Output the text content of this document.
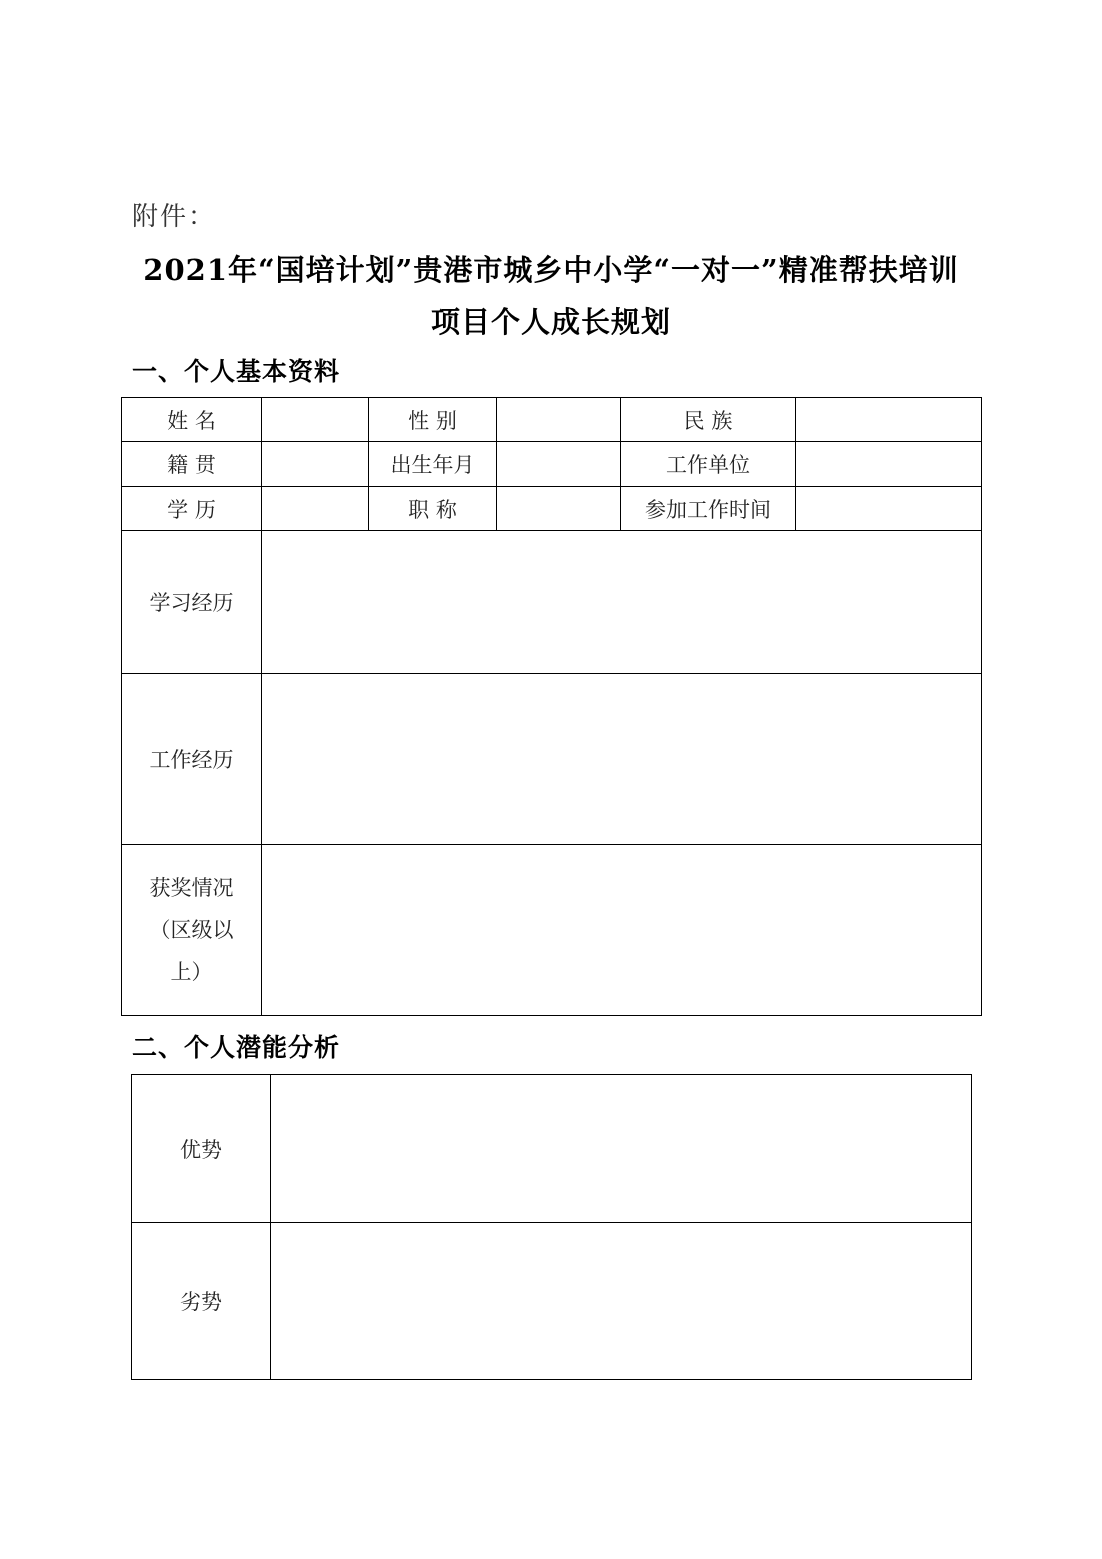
附件：
2021年“国培计划”贵港市城乡中小学“一对一”精准帮扶培训
项目个人成长规划
一、个人基本资料
姓 名		性 别		民 族	
籍 贯		出生年月		工作单位	
学 历		职 称		参加工作时间	
学习经历					
工作经历					
获奖情况
（区级以
上）					
二、个人潜能分析
优势	
劣势	
